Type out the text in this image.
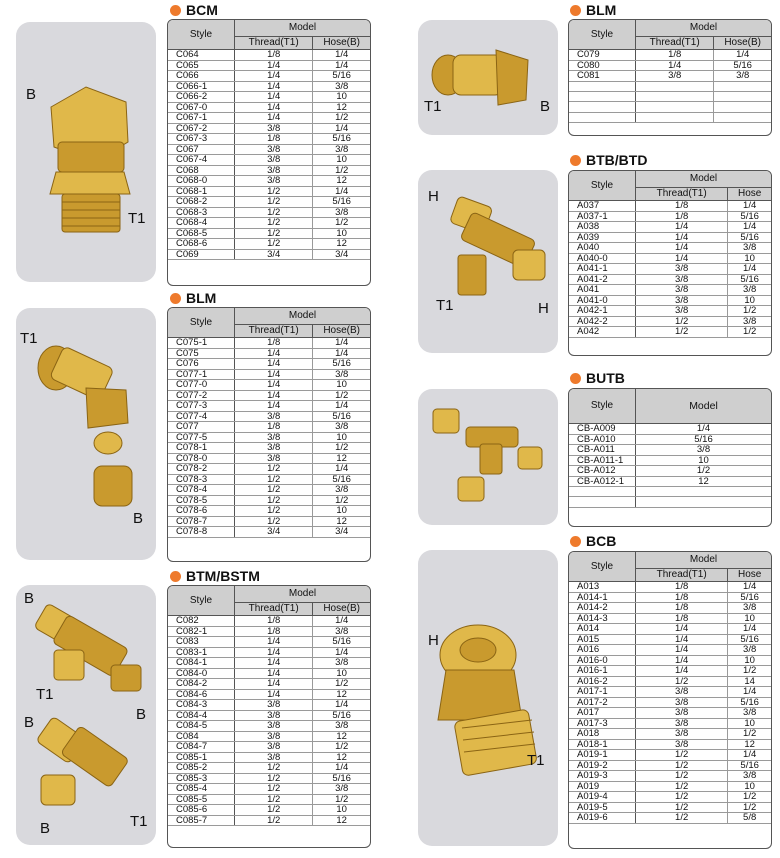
BCM
B
T1
Style	Model	
	Thread(T1)	Hose(B)
C064	1/8	1/4
C065	1/4	1/4
C066	1/4	5/16
C066-1	1/4	3/8
C066-2	1/4	10
C067-0	1/4	12
C067-1	1/4	1/2
C067-2	3/8	1/4
C067-3	1/8	5/16
C067	3/8	3/8
C067-4	3/8	10
C068	3/8	1/2
C068-0	3/8	12
C068-1	1/2	1/4
C068-2	1/2	5/16
C068-3	1/2	3/8
C068-4	1/2	1/2
C068-5	1/2	10
C068-6	1/2	12
C069	3/4	3/4
BLM
T1
B
Style	Model	
	Thread(T1)	Hose(B)
C075-1	1/8	1/4
C075	1/4	1/4
C076	1/4	5/16
C077-1	1/4	3/8
C077-0	1/4	10
C077-2	1/4	1/2
C077-3	1/4	1/4
C077-4	3/8	5/16
C077	1/8	3/8
C077-5	3/8	10
C078-1	3/8	1/2
C078-0	3/8	12
C078-2	1/2	1/4
C078-3	1/2	5/16
C078-4	1/2	3/8
C078-5	1/2	1/2
C078-6	1/2	10
C078-7	1/2	12
C078-8	3/4	3/4
BTM/BSTM
B
T1
B
B
B	T1
Style	Model	
	Thread(T1)	Hose(B)
C082	1/8	1/4
C082-1	1/8	3/8
C083	1/4	5/16
C083-1	1/4	1/4
C084-1	1/4	3/8
C084-0	1/4	10
C084-2	1/4	1/2
C084-6	1/4	12
C084-3	3/8	1/4
C084-4	3/8	5/16
C084-5	3/8	3/8
C084	3/8	12
C084-7	3/8	1/2
C085-1	3/8	12
C085-2	1/2	1/4
C085-3	1/2	5/16
C085-4	1/2	3/8
C085-5	1/2	1/2
C085-6	1/2	10
C085-7	1/2	12
BLM
T1	B
Style	Model	
	Thread(T1)	Hose(B)
C079	1/8	1/4
C080	1/4	5/16
C081	3/8	3/8

BTB/BTD
H
T1	H
Style	Model	
	Thread(T1)	Hose
A037	1/8	1/4
A037-1	1/8	5/16
A038	1/4	1/4
A039	1/4	5/16
A040	1/4	3/8
A040-0	1/4	10
A041-1	3/8	1/4
A041-2	3/8	5/16
A041	3/8	3/8
A041-0	3/8	10
A042-1	3/8	1/2
A042-2	1/2	3/8
A042	1/2	1/2
BUTB
Style	Model
CB-A009	1/4
CB-A010	5/16
CB-A011	3/8
CB-A011-1	10
CB-A012	1/2
CB-A012-1	12

BCB
H
T1
Style	Model	
	Thread(T1)	Hose
A013	1/8	1/4
A014-1	1/8	5/16
A014-2	1/8	3/8
A014-3	1/8	10
A014	1/4	1/4
A015	1/4	5/16
A016	1/4	3/8
A016-0	1/4	10
A016-1	1/4	1/2
A016-2	1/2	14
A017-1	3/8	1/4
A017-2	3/8	5/16
A017	3/8	3/8
A017-3	3/8	10
A018	3/8	1/2
A018-1	3/8	12
A019-1	1/2	1/4
A019-2	1/2	5/16
A019-3	1/2	3/8
A019	1/2	10
A019-4	1/2	1/2
A019-5	1/2	1/2
A019-6	1/2	5/8
